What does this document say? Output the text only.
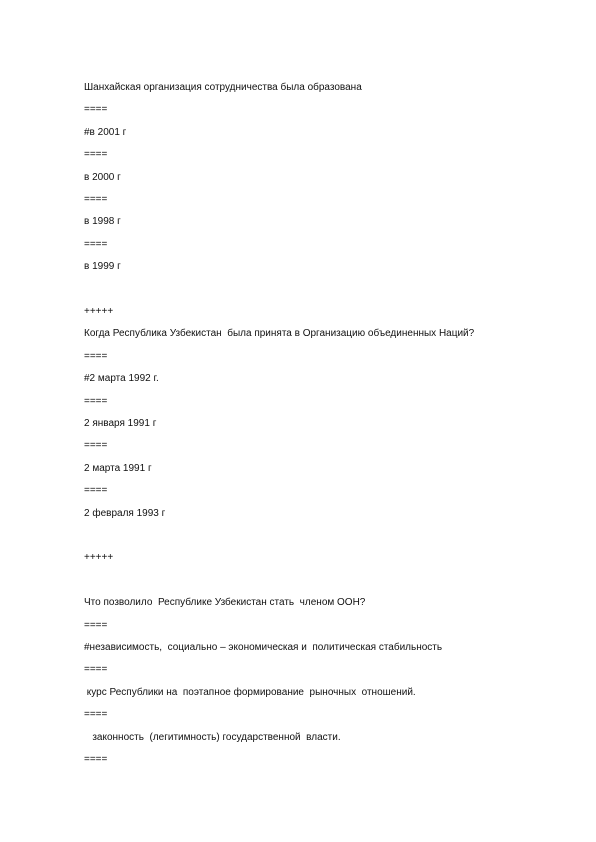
Шанхайская организация сотрудничества была образована
====
#в 2001 г
====
в 2000 г
====
в 1998 г
====
в 1999 г
+++++
Когда Республика Узбекистан  была принята в Организацию объединенных Наций?
====
#2 марта 1992 г.
====
2 января 1991 г
====
2 марта 1991 г
====
2 февраля 1993 г
+++++
Что позволило  Республике Узбекистан стать  членом ООН?
====
#независимость,  социально – экономическая и  политическая стабильность
====
курс Республики на  поэтапное формирование  рыночных  отношений.
====
законность  (легитимность) государственной  власти.
====
